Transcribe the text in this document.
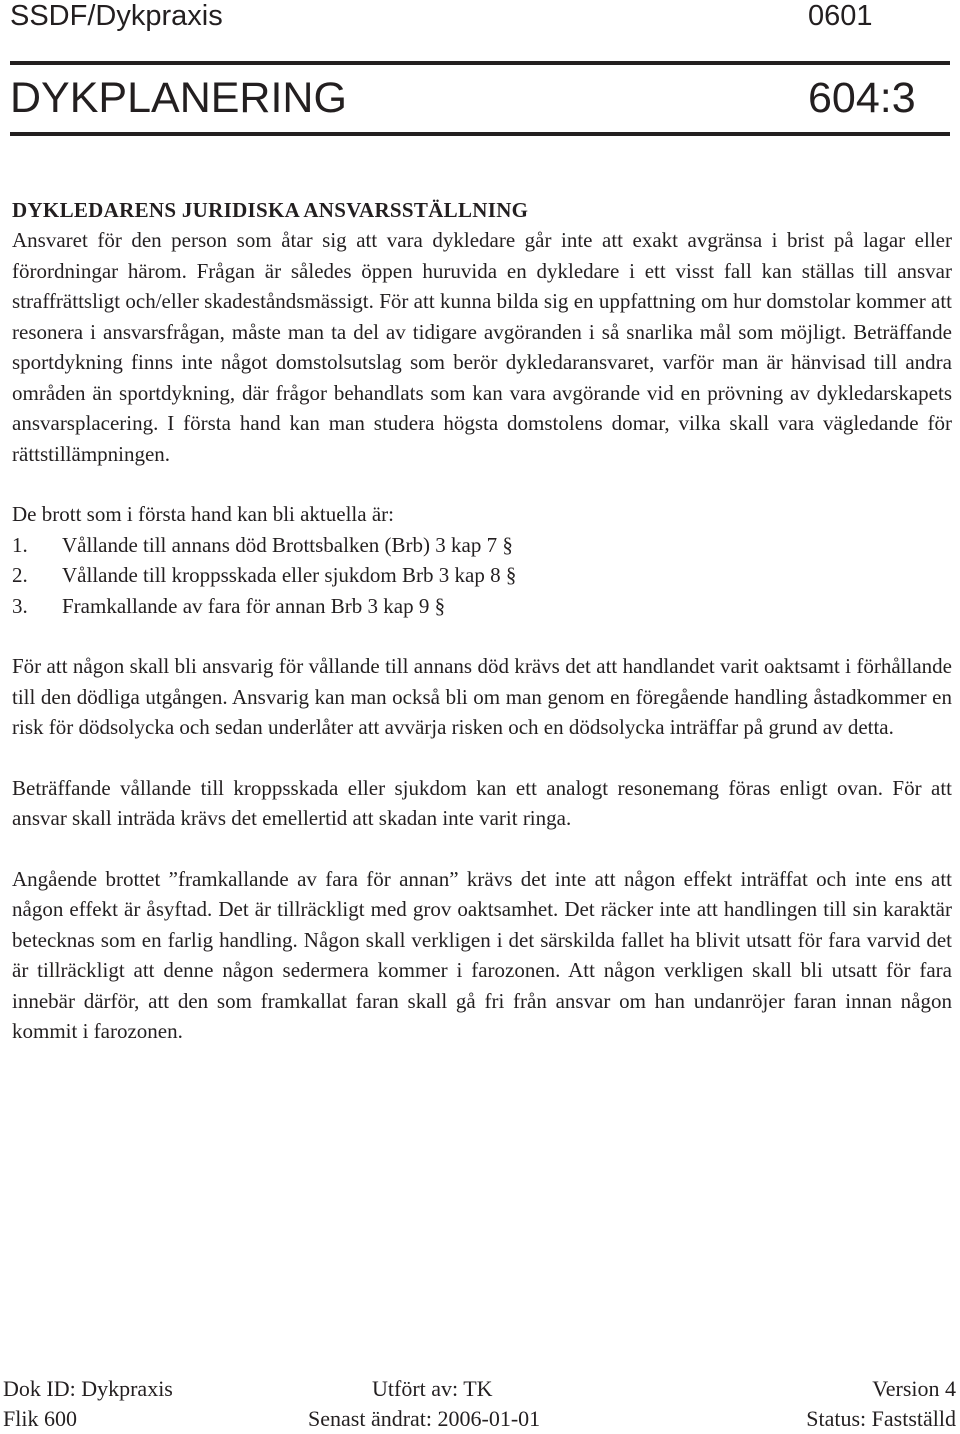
SSDF/Dykpraxis	0601
DYKPLANERING	604:3
DYKLEDARENS JURIDISKA ANSVARSSTÄLLNING

Ansvaret för den person som åtar sig att vara dykledare går inte att exakt avgränsa i brist på lagar eller förordningar härom. Frågan är således öppen huruvida en dykledare i ett visst fall kan ställas till ansvar straffrättsligt och/eller skadeståndsmässigt. För att kunna bilda sig en uppfattning om hur domstolar kommer att resonera i ansvarsfrågan, måste man ta del av tidigare avgöranden i så snarlika mål som möjligt. Beträffande sportdykning finns inte något domstolsutslag som berör dykledaransvaret, varför man är hänvisad till andra områden än sportdykning, där frågor behandlats som kan vara avgörande vid en prövning av dykledarskapets ansvarsplacering. I första hand kan man studera högsta domstolens domar, vilka skall vara vägledande för rättstillämpningen.

De brott som i första hand kan bli aktuella är:

1.	Vållande till annans död Brottsbalken (Brb) 3 kap 7 §
2.	Vållande till kroppsskada eller sjukdom Brb 3 kap 8 §
3.	Framkallande av fara för annan Brb 3 kap 9 §

För att någon skall bli ansvarig för vållande till annans död krävs det att handlandet varit oaktsamt i förhållande till den dödliga utgången. Ansvarig kan man också bli om man genom en föregående handling åstadkommer en risk för dödsolycka och sedan underlåter att avvärja risken och en dödsolycka inträffar på grund av detta.

Beträffande vållande till kroppsskada eller sjukdom kan ett analogt resonemang föras enligt ovan. För att ansvar skall inträda krävs det emellertid att skadan inte varit ringa.

Angående brottet ”framkallande av fara för annan” krävs det inte att någon effekt inträffat och inte ens att någon effekt är åsyftad. Det är tillräckligt med grov oaktsamhet. Det räcker inte att handlingen till sin karaktär betecknas som en farlig handling. Någon skall verkligen i det särskilda fallet ha blivit utsatt för fara varvid det är tillräckligt att denne någon sedermera kommer i farozonen. Att någon verkligen skall bli utsatt för fara innebär därför, att den som framkallat faran skall gå fri från ansvar om han undanröjer faran innan någon kommit i farozonen.

Dok ID: Dykpraxis
Flik 600
Utfört av: TK
Senast ändrat: 2006-01-01
Version 4
Status: Fastställd
